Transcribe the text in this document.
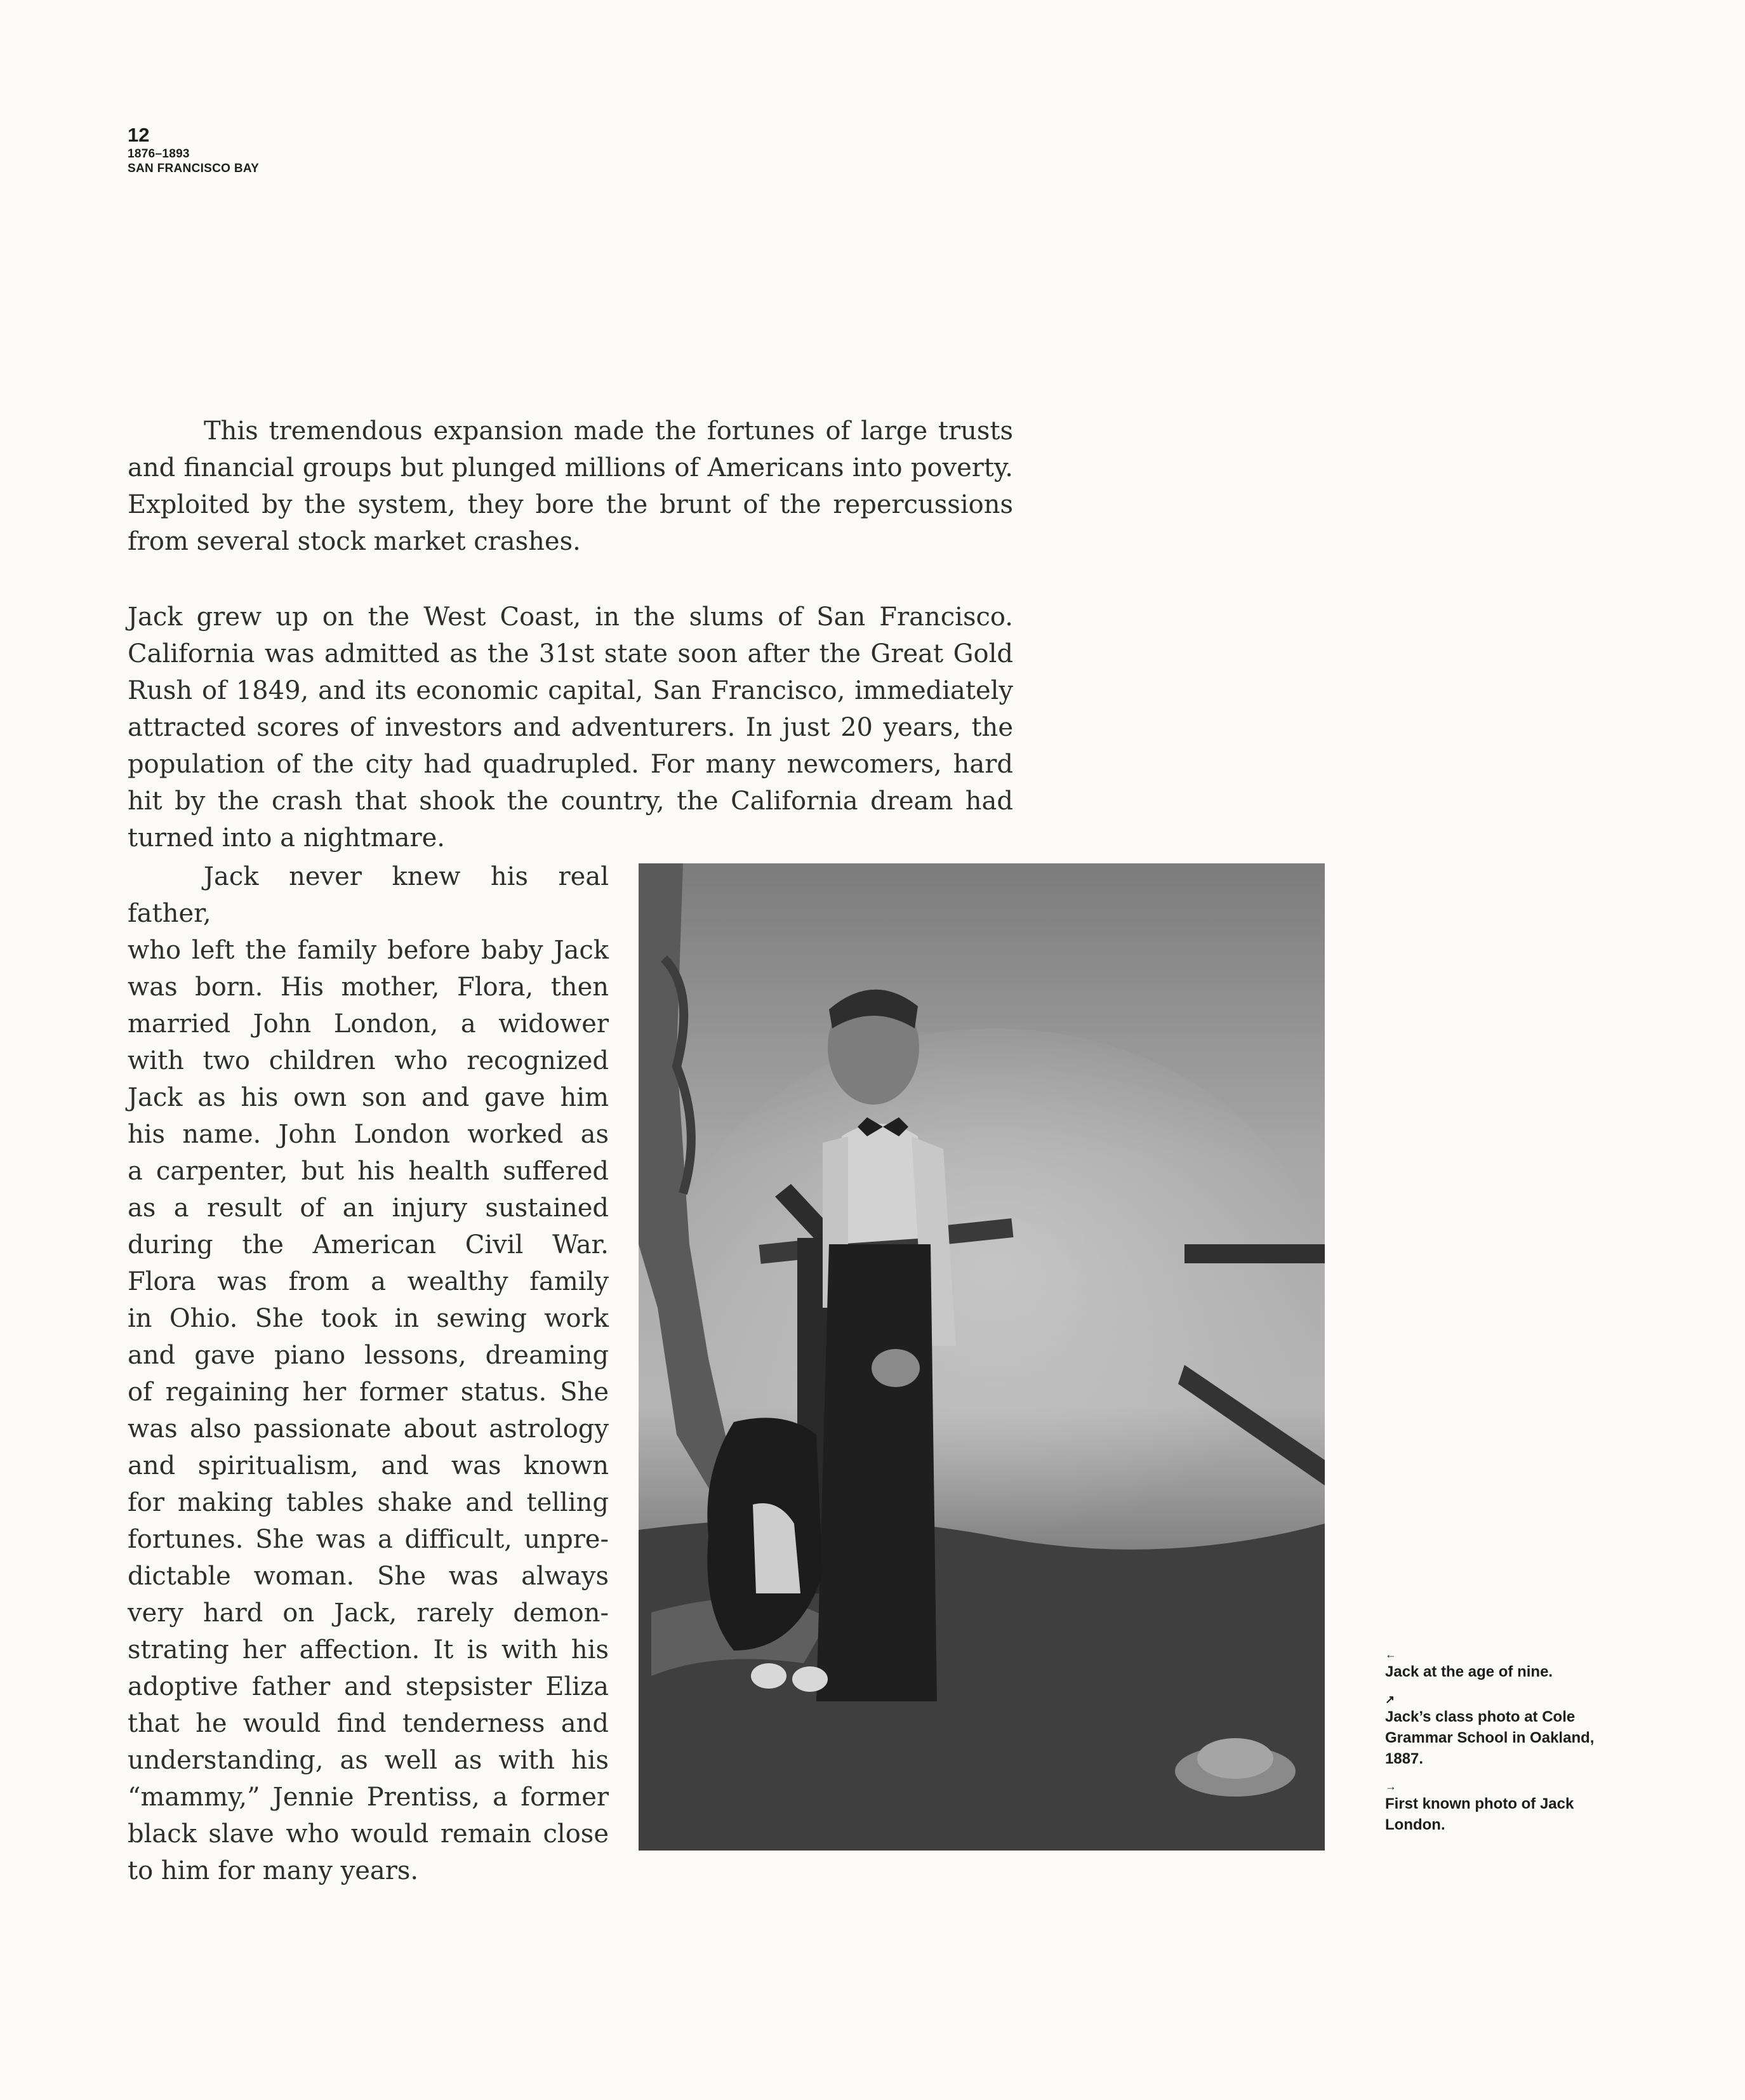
12
1876–1893
SAN FRANCISCO BAY

This tremendous expansion made the fortunes of large trusts and financial groups but plunged millions of Americans into poverty. Exploited by the system, they bore the brunt of the repercussions from several stock market crashes.

Jack grew up on the West Coast, in the slums of San Francisco.
California was admitted as the 31st state soon after the Great Gold
Rush of 1849, and its economic capital, San Francisco, immediately
attracted scores of investors and adventurers. In just 20 years, the
population of the city had quadrupled. For many newcomers, hard
hit by the crash that shook the country, the California dream had
turned into a nightmare.
Jack never knew his real father,
who left the family before baby Jack
was born. His mother, Flora, then
married John London, a widower
with two children who recognized
Jack as his own son and gave him
his name. John London worked as
a carpenter, but his health suffered
as a result of an injury sustained
during the American Civil War.
Flora was from a wealthy family
in Ohio. She took in sewing work
and gave piano lessons, dreaming
of regaining her former status. She
was also passionate about astrology
and spiritualism, and was known
for making tables shake and telling
fortunes. She was a difficult, unpre-
dictable woman. She was always
very hard on Jack, rarely demon-
strating her affection. It is with his
adoptive father and stepsister Eliza
that he would find tenderness and
understanding, as well as with his
“mammy,” Jennie Prentiss, a former
black slave who would remain close
to him for many years.
←
Jack at the age of nine.
↗
Jack’s class photo at Cole Grammar School in Oakland, 1887.
→
First known photo of Jack London.
